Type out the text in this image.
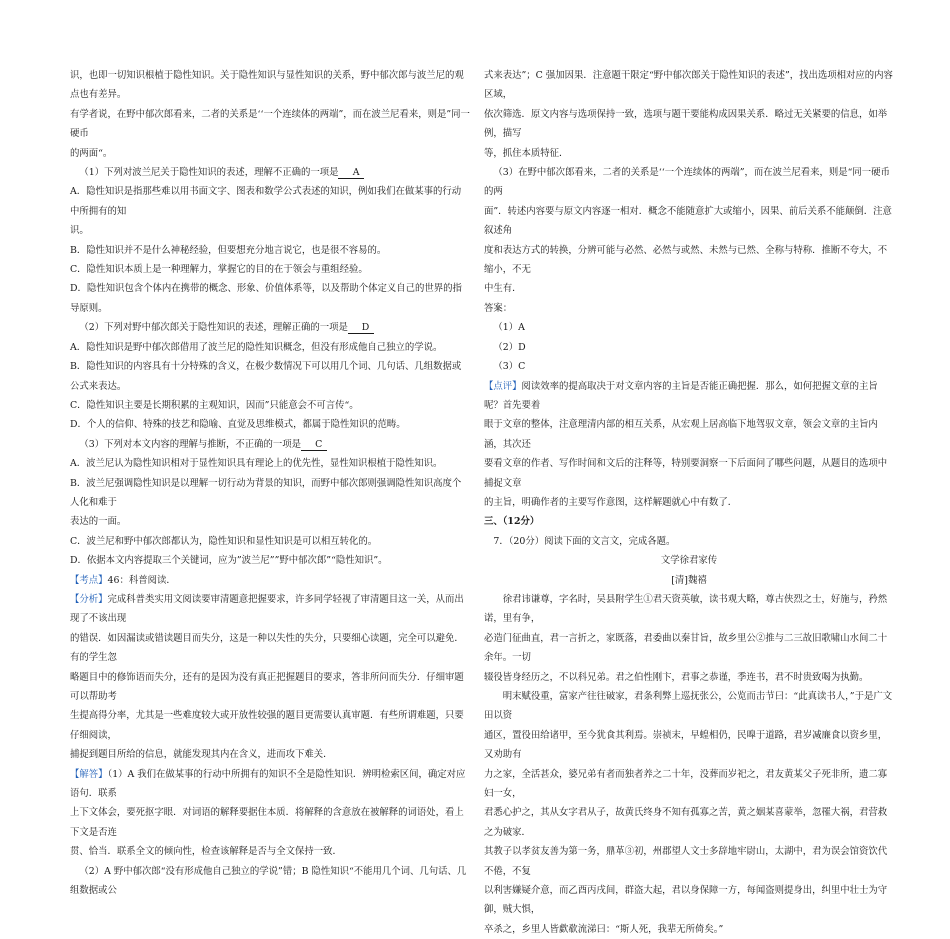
识，也即一切知识根植于隐性知识。关于隐性知识与显性知识的关系，野中郁次郎与波兰尼的观点也有差异。

有学者说，在野中郁次郎看来，二者的关系是‘‘一个连续体的两端”，而在波兰尼看来，则是”同一硬币

的两面“。

（1）下列对波兰尼关于隐性知识的表述，理解不正确的一项是 A

A．隐性知识是指那些难以用书面文字、图表和数学公式表述的知识，例如我们在做某事的行动中所拥有的知

识。

B．隐性知识并不是什么神秘经验，但要想充分地言说它，也是很不容易的。

C．隐性知识本质上是一种理解力，掌握它的目的在于领会与重组经验。

D．隐性知识包含个体内在携带的概念、形象、价值体系等，以及帮助个体定义自己的世界的指导原则。

（2）下列对野中郁次郎关于隐性知识的表述，理解正确的一项是 D

A．隐性知识是野中郁次郎借用了波兰尼的隐性知识概念，但没有形成他自己独立的学说。

B．隐性知识的内容具有十分特殊的含义，在极少数情况下可以用几个词、几句话、几组数据或公式来表达。

C．隐性知识主要是长期积累的主观知识，因而”只能意会不可言传“。

D．个人的信仰、特殊的技艺和隐喻、直觉及思维模式，都属于隐性知识的范畴。

（3）下列对本文内容的理解与推断，不正确的一项是 C

A．波兰尼认为隐性知识相对于显性知识具有理论上的优先性，显性知识根植于隐性知识。

B．波兰尼强调隐性知识是以理解一切行动为背景的知识，而野中郁次郎则强调隐性知识高度个人化和难于

表达的一面。

C．波兰尼和野中郁次郎都认为，隐性知识和显性知识是可以相互转化的。

D．依据本文内容提取三个关键词，应为”波兰尼””野中郁次郎”“隐性知识”。

【考点】46：科普阅读．

【分析】完成科普类实用文阅读要审清题意把握要求，许多同学轻视了审清题目这一关，从而出现了不该出现

的错误．如因漏读或错读题目而失分，这是一种以失性的失分，只要细心读题，完全可以避免．有的学生忽

略题目中的修饰语而失分，还有的是因为没有真正把握题目的要求，答非所问而失分．仔细审题可以帮助考

生提高得分率，尤其是一些难度较大或开放性较强的题目更需要认真审题．有些所谓难题，只要仔细阅读，

捕捉到题目所给的信息，就能发现其内在含义，进而攻下难关．

【解答】（1）A 我们在做某事的行动中所拥有的知识不全是隐性知识．辨明检索区间，确定对应语句．联系

上下文体会，要死抠字眼．对词语的解释要据住本质．将解释的含意放在被解释的词语处，看上下文是否连

贯、恰当．联系全文的倾向性，检查该解释是否与全文保持一致．

（2）A 野中郁次郎“没有形成他自己独立的学说”错；B 隐性知识“不能用几个词、几句话、几组数据或公

式来表达”；C 强加因果．注意题干限定“野中郁次郎关于隐性知识的表述”，找出选项相对应的内容区域，

依次筛选．原文内容与选项保持一致，选项与题干要能构成因果关系．略过无关紧要的信息，如举例，描写

等，抓住本质特征．

（3）在野中郁次郎看来，二者的关系是‘‘一个连续体的两端”，而在波兰尼看来，则是“同一硬币的两

面”．转述内容要与原文内容逐一相对．概念不能随意扩大或缩小，因果、前后关系不能颠倒．注意叙述角

度和表达方式的转换，分辨可能与必然、必然与或然、未然与已然、全称与特称．推断不夸大，不缩小，不无

中生有．

答案：

（1）A

（2）D

（3）C

【点评】阅读效率的提高取决于对文章内容的主旨是否能正确把握．那么，如何把握文章的主旨呢？首先要着

眼于文章的整体，注意理清内部的相互关系，从宏观上居高临下地驾驭文章，领会文章的主旨内涵，其次还

要看文章的作者、写作时间和文后的注释等，特别要洞察一下后面问了哪些问题，从题目的选项中捕捉文章

的主旨，明确作者的主要写作意图，这样解题就心中有数了．

三、（12分）

7．（20分）阅读下面的文言文，完成各题。

文学徐君家传

[清]魏禧

徐君讳谦尊，字名时，吴县附学生①君天资英敏，读书观大略，尊古侠烈之士，好施与，矜然诺，里有争，

必造门征曲直，君一言折之，家既落，君委曲以秦甘旨，故乡里公②推与二三故旧歌啸山水间二十余年。一切

辍役皆身经历之，不以科兄弟。君之伯性刚卞，君事之恭谨，季连书，君不时贵致喝为执勤。

明末赋役重，富家产往往破家，君条利弊上巡抚张公，公览而击节曰：“此真读书人，”于是广文田以资

通区，置役田给诸甲，至今犹食其利焉。崇祯末，早蝗相仍，民嘷于道路，君岁减廉食以资乡里，又劝助有

力之家，全活甚众，婆兄弟有者而独者养之二十年，没葬而岁祀之，君友黄某父子死非所，遗二寡妇一女，

君悉心护之，其从女字君从子，故黄氏终身不知有孤寡之苦，黄之姻某喜蒙举，忽罹大祸，君营救之为破家．

其教子以孝贫友善为第一务，鼎革③初，州郡望人文士多辞地牢尉山，太湖中，君为误会馆资饮代不倦，不复

以利害嫌疑介意，而乙酉丙戌间，群盗大起，君以身保障一方，每闻盗则提身出，纠里中壮士为守御，贼大惧，

卒杀之，乡里人皆歔欷流涕曰：“斯人死，我辈无所倚矣。”
